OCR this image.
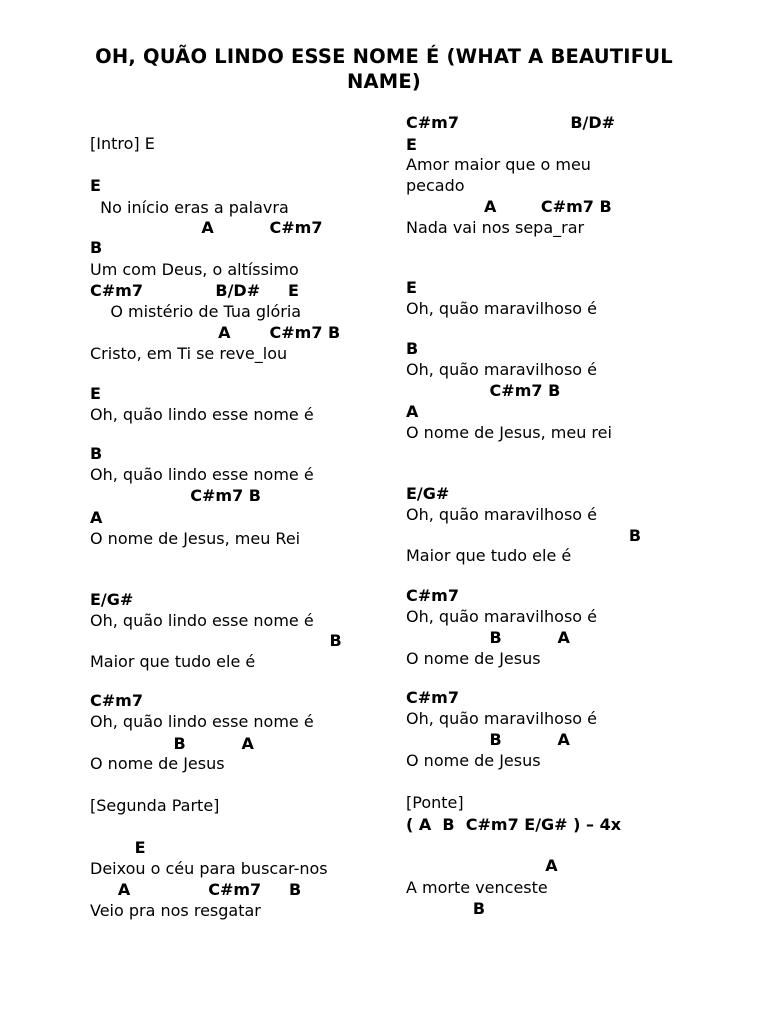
OH, QUÃO LINDO ESSE NOME É (WHAT A BEAUTIFUL NAME)
[Intro] E
E
No início eras a palavra
A          C#m7
B
Um com Deus, o altíssimo
C#m7             B/D#     E
O mistério de Tua glória
A       C#m7 B
Cristo, em Ti se reve_lou
E
Oh, quão lindo esse nome é
B
Oh, quão lindo esse nome é
C#m7 B
A
O nome de Jesus, meu Rei
E/G#
Oh, quão lindo esse nome é
B
Maior que tudo ele é
C#m7
Oh, quão lindo esse nome é
B          A
O nome de Jesus
[Segunda Parte]
E
Deixou o céu para buscar-nos
A              C#m7     B
Veio pra nos resgatar
C#m7                    B/D#
E
Amor maior que o meu
pecado
A        C#m7 B
Nada vai nos sepa_rar
E
Oh, quão maravilhoso é
B
Oh, quão maravilhoso é
C#m7 B
A
O nome de Jesus, meu rei
E/G#
Oh, quão maravilhoso é
B
Maior que tudo ele é
C#m7
Oh, quão maravilhoso é
B          A
O nome de Jesus
C#m7
Oh, quão maravilhoso é
B          A
O nome de Jesus
[Ponte]
( A  B  C#m7 E/G# ) – 4x
A
A morte venceste
B
